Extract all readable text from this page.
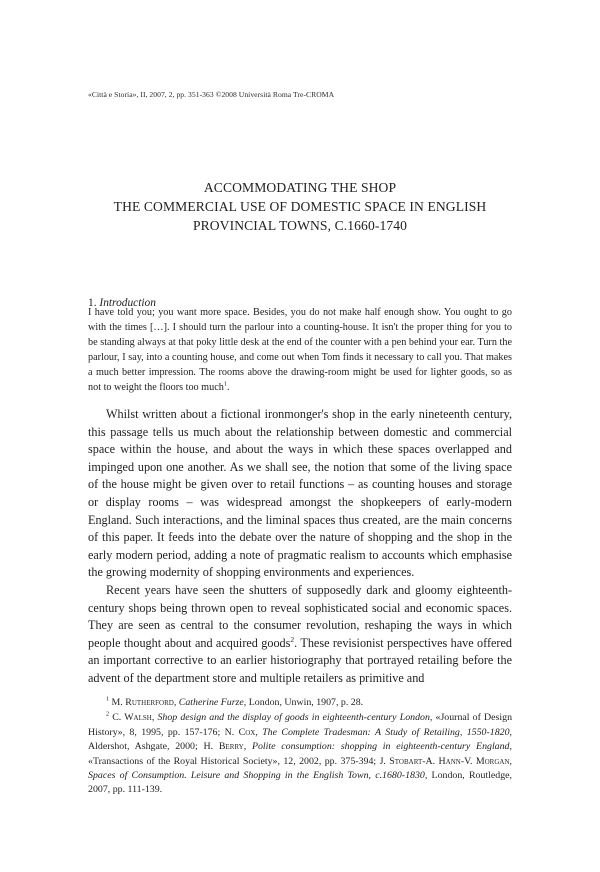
«Città e Storia», II, 2007, 2, pp. 351-363 ©2008 Università Roma Tre-CROMA
ACCOMMODATING THE SHOP
THE COMMERCIAL USE OF DOMESTIC SPACE IN ENGLISH
PROVINCIAL TOWNS, C.1660-1740
1. Introduction

I have told you; you want more space. Besides, you do not make half enough show. You ought to go with the times […]. I should turn the parlour into a counting-house. It isn't the proper thing for you to be standing always at that poky little desk at the end of the counter with a pen behind your ear. Turn the parlour, I say, into a counting house, and come out when Tom finds it necessary to call you. That makes a much better impression. The rooms above the drawing-room might be used for lighter goods, so as not to weight the floors too much$^1$.

Whilst written about a fictional ironmonger's shop in the early nineteenth century, this passage tells us much about the relationship between domestic and commercial space within the house, and about the ways in which these spaces overlapped and impinged upon one another. As we shall see, the notion that some of the living space of the house might be given over to retail functions – as counting houses and storage or display rooms – was widespread amongst the shopkeepers of early-modern England. Such interactions, and the liminal spaces thus created, are the main concerns of this paper. It feeds into the debate over the nature of shopping and the shop in the early modern period, adding a note of pragmatic realism to accounts which emphasise the growing modernity of shopping environments and experiences.

Recent years have seen the shutters of supposedly dark and gloomy eighteenth-century shops being thrown open to reveal sophisticated social and economic spaces. They are seen as central to the consumer revolution, reshaping the ways in which people thought about and acquired goods$^2$. These revisionist perspectives have offered an important corrective to an earlier historiography that portrayed retailing before the advent of the department store and multiple retailers as primitive and

$^1$ M. Rutherford, Catherine Furze, London, Unwin, 1907, p. 28.

$^2$ C. Walsh, Shop design and the display of goods in eighteenth-century London, «Journal of Design History», 8, 1995, pp. 157-176; N. Cox, The Complete Tradesman: A Study of Retailing, 1550-1820, Aldershot, Ashgate, 2000; H. Berry, Polite consumption: shopping in eighteenth-century England, «Transactions of the Royal Historical Society», 12, 2002, pp. 375-394; J. Stobart-A. Hann-V. Morgan, Spaces of Consumption. Leisure and Shopping in the English Town, c.1680-1830, London, Routledge, 2007, pp. 111-139.
